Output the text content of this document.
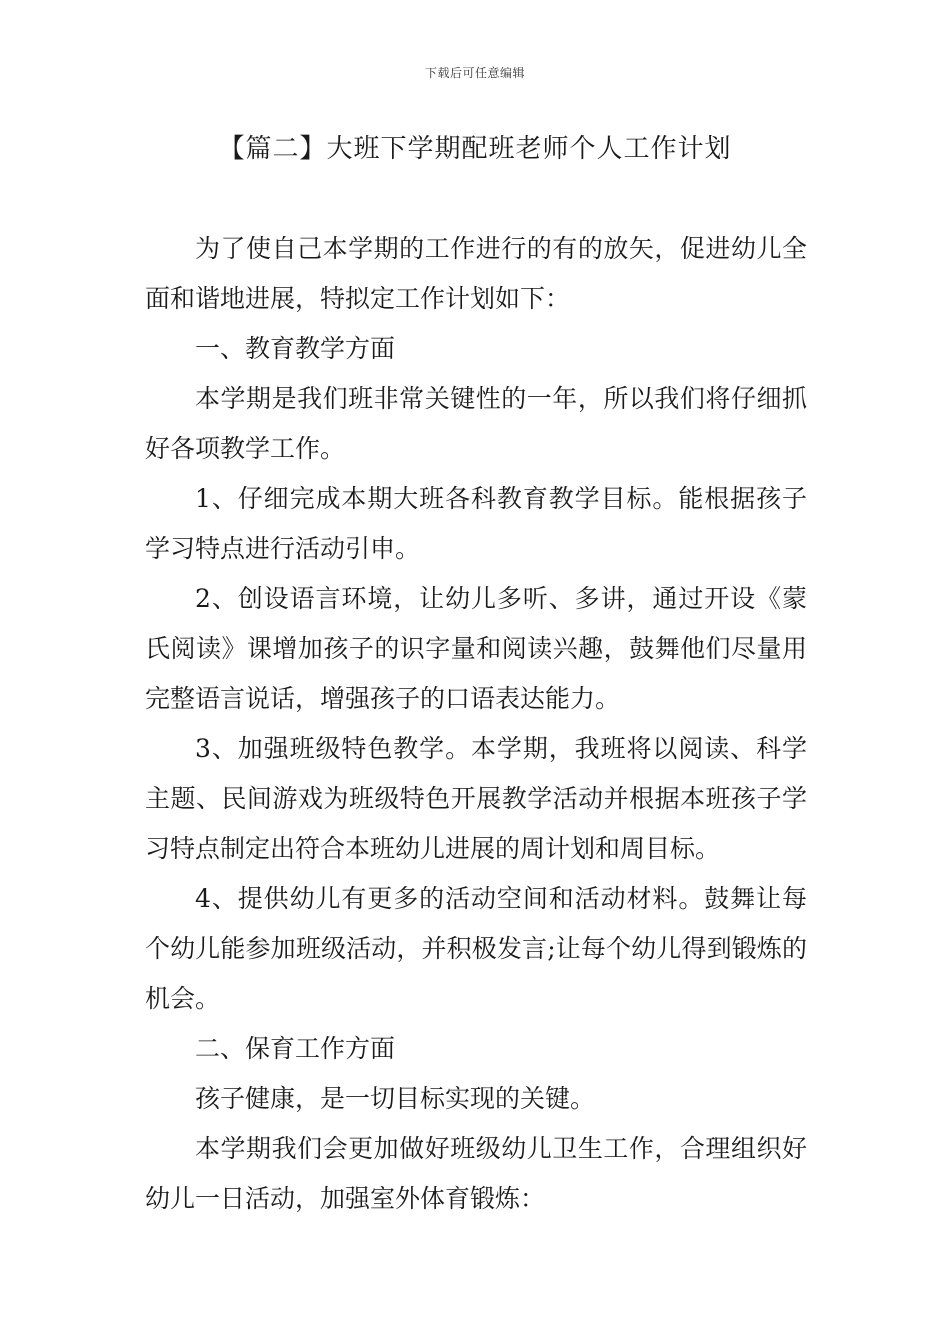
下载后可任意编辑
【篇二】大班下学期配班老师个人工作计划

为了使自己本学期的工作进行的有的放矢，促进幼儿全面和谐地进展，特拟定工作计划如下：

一、教育教学方面

本学期是我们班非常关键性的一年，所以我们将仔细抓好各项教学工作。

1、仔细完成本期大班各科教育教学目标。能根据孩子学习特点进行活动引申。

2、创设语言环境，让幼儿多听、多讲，通过开设《蒙氏阅读》课增加孩子的识字量和阅读兴趣，鼓舞他们尽量用完整语言说话，增强孩子的口语表达能力。

3、加强班级特色教学。本学期，我班将以阅读、科学主题、民间游戏为班级特色开展教学活动并根据本班孩子学习特点制定出符合本班幼儿进展的周计划和周目标。

4、提供幼儿有更多的活动空间和活动材料。鼓舞让每个幼儿能参加班级活动，并积极发言;让每个幼儿得到锻炼的机会。

二、保育工作方面

孩子健康，是一切目标实现的关键。

本学期我们会更加做好班级幼儿卫生工作，合理组织好幼儿一日活动，加强室外体育锻炼：
